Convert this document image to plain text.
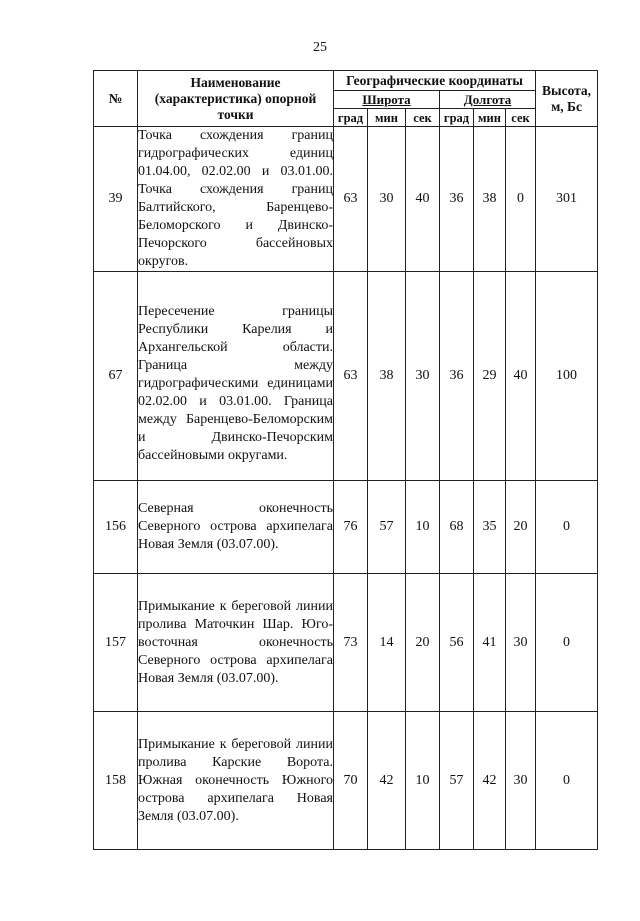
25
№	Наименование (характеристика) опорной точки	Географические координаты						Высота, м, Бс
		Широта			Долгота			
		град	мин	сек	град	мин	сек	
39	Точка схождения границ гидрографических единиц 01.04.00, 02.02.00 и 03.01.00. Точка схождения границ Балтийского, Баренцево-Беломорского и Двинско-Печорского бассейновых округов.	63	30	40	36	38	0	301
67	Пересечение границы Республики Карелия и Архангельской области. Граница между гидрографическими единицами 02.02.00 и 03.01.00. Граница между Баренцево-Беломорским и Двинско-Печорским бассейновыми округами.	63	38	30	36	29	40	100
156	Северная оконечность Северного острова архипелага Новая Земля (03.07.00).	76	57	10	68	35	20	0
157	Примыкание к береговой линии пролива Маточкин Шар. Юго-восточная оконечность Северного острова архипелага Новая Земля (03.07.00).	73	14	20	56	41	30	0
158	Примыкание к береговой линии пролива Карские Ворота. Южная оконечность Южного острова архипелага Новая Земля (03.07.00).	70	42	10	57	42	30	0
